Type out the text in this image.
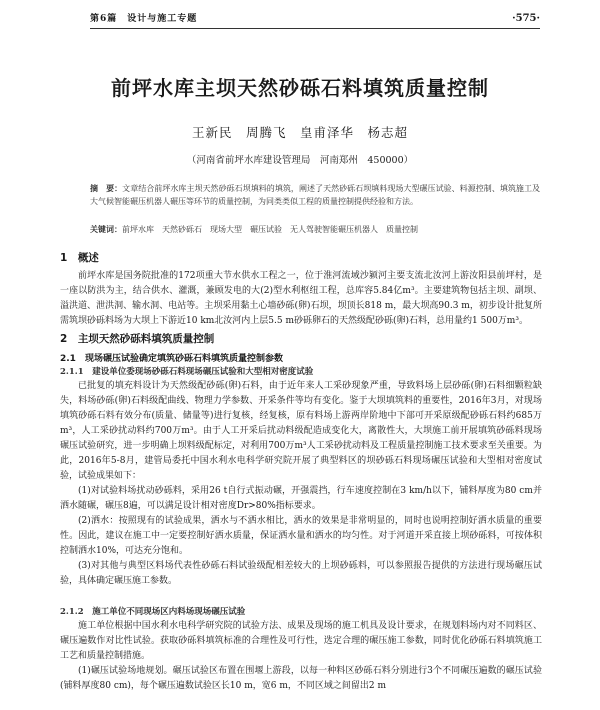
第6篇　设计与施工专题	·575·
前坪水库主坝天然砂砾石料填筑质量控制
王新民　周腾飞　皇甫泽华　杨志超
（河南省前坪水库建设管理局　河南郑州　450000）
摘　要：文章结合前坪水库主坝天然砂砾石坝填料的填筑，阐述了天然砂砾石坝填料现场大型碾压试验、料源控制、填筑施工及大气候智能碾压机器人碾压等环节的质量控制，为同类类似工程的质量控制提供经验和方法。
关键词：前坪水库　天然砂砾石　现场大型　碾压试验　无人驾驶智能碾压机器人　质量控制
1　 概述

前坪水库是国务院批准的172项重大节水供水工程之一，位于淮河流域沙颍河主要支流北汝河上游汝阳县前坪村，是一座以防洪为主，结合供水、灌溉，兼顾发电的大(2)型水利枢纽工程，总库容5.84亿m³。主要建筑物包括主坝、副坝、溢洪道、泄洪洞、输水洞、电站等。主坝采用黏土心墙砂砾(卵)石坝，坝顶长818 m，最大坝高90.3 m，初步设计批复所需筑坝砂砾料场为大坝上下游近10 km北汝河内上层5.5 m砂砾卵石的天然级配砂砾(卵)石料，总用量约1 500万m³。

2　 主坝天然砂砾料填筑质量控制
2.1　 现场碾压试验确定填筑砂砾石料填筑质量控制参数
2.1.1　 建设单位委现场砂砾石料现场碾压试验和大型相对密度试验

已批复的填充料设计为天然级配砂砾(卵)石料，由于近年来人工采砂现象严重，导致料场上层砂砾(卵)石料细颗粒缺失，料场砂砾(卵)石料级配曲线、物理力学参数、开采条件等均有变化。鉴于大坝填筑料的重要性，2016年3月，对现场填筑砂砾石料有效分布(质量、储量等)进行复核，经复核，原有料场上游两岸阶地中下部可开采原级配砂砾石料约685万m³，人工采砂扰动料约700万m³。由于人工开采后扰动料级配造成变化大，离散性大，大坝施工前开展填筑砂砾料现场碾压试验研究，进一步明确上坝料级配标定，对利用700万m³人工采砂扰动料及工程质量控制施工技术要求至关重要。为此，2016年5-8月，建管局委托中国水利水电科学研究院开展了典型料区的坝砂砾石料现场碾压试验和大型相对密度试验，试验成果如下：

(1)对试验料场扰动砂砾料，采用26 t自行式振动碾，开强震挡，行车速度控制在3 km/h以下，铺料厚度为80 cm并洒水随碾，碾压8遍，可以满足设计相对密度Dr>80%指标要求。

(2)洒水：按照现有的试验成果，洒水与不洒水相比，洒水的效果是非常明显的，同时也说明控制好洒水质量的重要性。因此，建议在施工中一定要控制好洒水质量，保证洒水量和洒水的均匀性。对于河道开采直接上坝砂砾料，可按体积控制洒水10%，可达充分饱和。

(3)对其他与典型区料场代表性砂砾石料试验级配相差较大的上坝砂砾料，可以参照报告提供的方法进行现场碾压试验，具体确定碾压施工参数。

2.1.2　 施工单位不同现场区内料场现场碾压试验

施工单位根据中国水利水电科学研究院的试验方法、成果及现场的施工机具及设计要求，在规划料场内对不同料区、碾压遍数作对比性试验。获取砂砾料填筑标准的合理性及可行性，选定合理的碾压施工参数，同时优化砂砾石料填筑施工工艺和质量控制措施。

(1)碾压试验场地规划。碾压试验区布置在围堰上游段，以每一种料区砂砾石料分别进行3个不同碾压遍数的碾压试验(铺料厚度80 cm)，每个碾压遍数试验区长10 m，宽6 m，不同区域之间留出2 m
